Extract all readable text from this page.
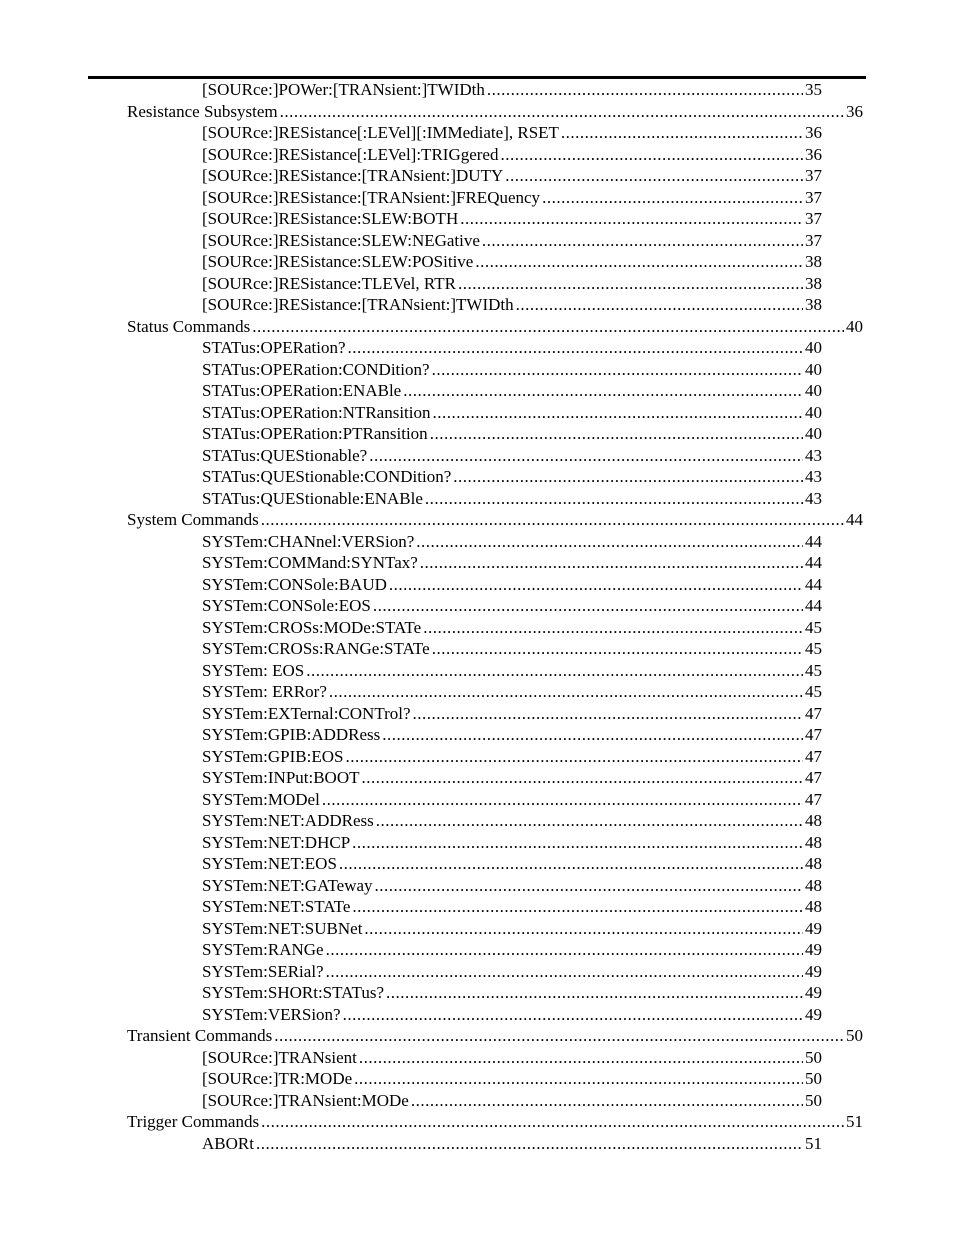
[SOURce:]POWer:[TRANsient:]TWIDth .....	35
Resistance Subsystem .....	36
[SOURce:]RESistance[:LEVel][:IMMediate], RSET .....	36
[SOURce:]RESistance[:LEVel]:TRIGgered .....	36
[SOURce:]RESistance:[TRANsient:]DUTY .....	37
[SOURce:]RESistance:[TRANsient:]FREQuency .....	37
[SOURce:]RESistance:SLEW:BOTH .....	37
[SOURce:]RESistance:SLEW:NEGative .....	37
[SOURce:]RESistance:SLEW:POSitive .....	38
[SOURce:]RESistance:TLEVel, RTR .....	38
[SOURce:]RESistance:[TRANsient:]TWIDth .....	38
Status Commands .....	40
STATus:OPERation? .....	40
STATus:OPERation:CONDition? .....	40
STATus:OPERation:ENABle .....	40
STATus:OPERation:NTRansition .....	40
STATus:OPERation:PTRansition .....	40
STATus:QUEStionable? .....	43
STATus:QUEStionable:CONDition? .....	43
STATus:QUEStionable:ENABle .....	43
System Commands .....	44
SYSTem:CHANnel:VERSion? .....	44
SYSTem:COMMand:SYNTax? .....	44
SYSTem:CONSole:BAUD .....	44
SYSTem:CONSole:EOS .....	44
SYSTem:CROSs:MODe:STATe .....	45
SYSTem:CROSs:RANGe:STATe .....	45
SYSTem: EOS .....	45
SYSTem: ERRor? .....	45
SYSTem:EXTernal:CONTrol? .....	47
SYSTem:GPIB:ADDRess .....	47
SYSTem:GPIB:EOS .....	47
SYSTem:INPut:BOOT .....	47
SYSTem:MODel .....	47
SYSTem:NET:ADDRess .....	48
SYSTem:NET:DHCP .....	48
SYSTem:NET:EOS .....	48
SYSTem:NET:GATeway .....	48
SYSTem:NET:STATe .....	48
SYSTem:NET:SUBNet .....	49
SYSTem:RANGe .....	49
SYSTem:SERial? .....	49
SYSTem:SHORt:STATus? .....	49
SYSTem:VERSion? .....	49
Transient Commands .....	50
[SOURce:]TRANsient .....	50
[SOURce:]TR:MODe .....	50
[SOURce:]TRANsient:MODe .....	50
Trigger Commands .....	51
ABORt .....	51
